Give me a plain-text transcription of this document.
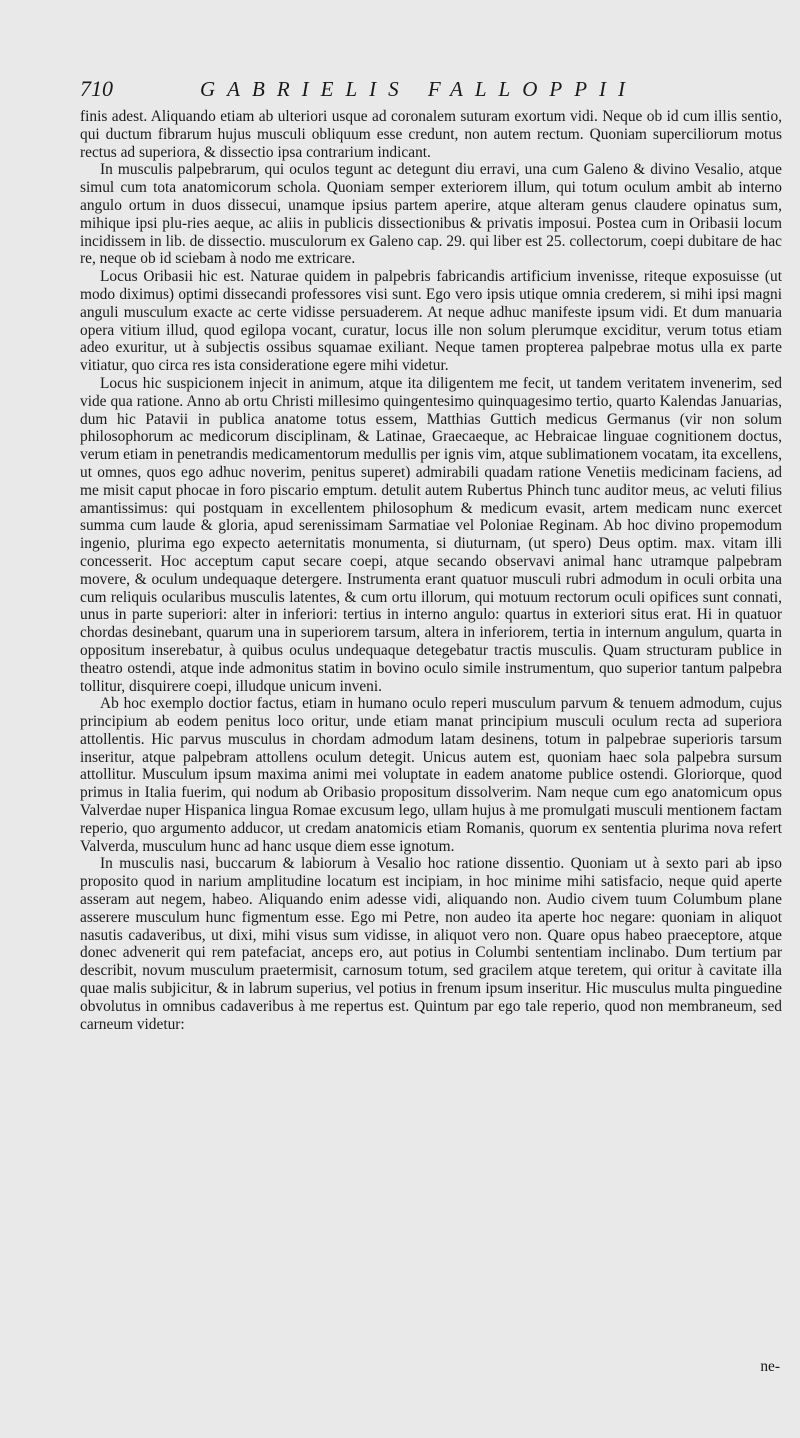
710	GABRIELIS FALLOPPII

finis adest. Aliquando etiam ab ulteriori usque ad coronalem suturam exortum vidi. Neque ob id cum illis sentio, qui ductum fibrarum hujus musculi obliquum esse credunt, non autem rectum. Quoniam superciliorum motus rectus ad superiora, & dissectio ipsa contrarium indicant.

In musculis palpebrarum, qui oculos tegunt ac detegunt diu erravi, una cum Galeno & divino Vesalio, atque simul cum tota anatomicorum schola. Quoniam semper exteriorem illum, qui totum oculum ambit ab interno angulo ortum in duos dissecui, unamque ipsius partem aperire, atque alteram genus claudere opinatus sum, mihique ipsi plu-ries aeque, ac aliis in publicis dissectionibus & privatis imposui. Postea cum in Oribasii locum incidissem in lib. de dissectio. musculorum ex Galeno cap. 29. qui liber est 25. collectorum, coepi dubitare de hac re, neque ob id sciebam à nodo me extricare.

Locus Oribasii hic est. Naturae quidem in palpebris fabricandis artificium invenisse, riteque exposuisse (ut modo diximus) optimi dissecandi professores visi sunt. Ego vero ipsis utique omnia crederem, si mihi ipsi magni anguli musculum exacte ac certe vidisse persuaderem. At neque adhuc manifeste ipsum vidi. Et dum manuaria opera vitium illud, quod egilopa vocant, curatur, locus ille non solum plerumque exciditur, verum totus etiam adeo exuritur, ut à subjectis ossibus squamae exiliant. Neque tamen propterea palpebrae motus ulla ex parte vitiatur, quo circa res ista consideratione egere mihi videtur.

Locus hic suspicionem injecit in animum, atque ita diligentem me fecit, ut tandem veritatem invenerim, sed vide qua ratione. Anno ab ortu Christi millesimo quingentesimo quinquagesimo tertio, quarto Kalendas Januarias, dum hic Patavii in publica anatome totus essem, Matthias Guttich medicus Germanus (vir non solum philosophorum ac medicorum disciplinam, & Latinae, Graecaeque, ac Hebraicae linguae cognitionem doctus, verum etiam in penetrandis medicamentorum medullis per ignis vim, atque sublimationem vocatam, ita excellens, ut omnes, quos ego adhuc noverim, penitus superet) admirabili quadam ratione Venetiis medicinam faciens, ad me misit caput phocae in foro piscario emptum. detulit autem Rubertus Phinch tunc auditor meus, ac veluti filius amantissimus: qui postquam in excellentem philosophum & medicum evasit, artem medicam nunc exercet summa cum laude & gloria, apud serenissimam Sarmatiae vel Poloniae Reginam. Ab hoc divino propemodum ingenio, plurima ego expecto aeternitatis monumenta, si diuturnam, (ut spero) Deus optim. max. vitam illi concesserit. Hoc acceptum caput secare coepi, atque secando observavi animal hanc utramque palpebram movere, & oculum undequaque detergere. Instrumenta erant quatuor musculi rubri admodum in oculi orbita una cum reliquis ocularibus musculis latentes, & cum ortu illorum, qui motuum rectorum oculi opifices sunt connati, unus in parte superiori: alter in inferiori: tertius in interno angulo: quartus in exteriori situs erat. Hi in quatuor chordas desinebant, quarum una in superiorem tarsum, altera in inferiorem, tertia in internum angulum, quarta in oppositum inserebatur, à quibus oculus undequaque detegebatur tractis musculis. Quam structuram publice in theatro ostendi, atque inde admonitus statim in bovino oculo simile instrumentum, quo superior tantum palpebra tollitur, disquirere coepi, illudque unicum inveni.

Ab hoc exemplo doctior factus, etiam in humano oculo reperi musculum parvum & tenuem admodum, cujus principium ab eodem penitus loco oritur, unde etiam manat principium musculi oculum recta ad superiora attollentis. Hic parvus musculus in chordam admodum latam desinens, totum in palpebrae superioris tarsum inseritur, atque palpebram attollens oculum detegit. Unicus autem est, quoniam haec sola palpebra sursum attollitur. Musculum ipsum maxima animi mei voluptate in eadem anatome publice ostendi. Gloriorque, quod primus in Italia fuerim, qui nodum ab Oribasio propositum dissolverim. Nam neque cum ego anatomicum opus Valverdae nuper Hispanica lingua Romae excusum lego, ullam hujus à me promulgati musculi mentionem factam reperio, quo argumento adducor, ut credam anatomicis etiam Romanis, quorum ex sententia plurima nova refert Valverda, musculum hunc ad hanc usque diem esse ignotum.

In musculis nasi, buccarum & labiorum à Vesalio hoc ratione dissentio. Quoniam ut à sexto pari ab ipso proposito quod in narium amplitudine locatum est incipiam, in hoc minime mihi satisfacio, neque quid aperte asseram aut negem, habeo. Aliquando enim adesse vidi, aliquando non. Audio civem tuum Columbum plane asserere musculum hunc figmentum esse. Ego mi Petre, non audeo ita aperte hoc negare: quoniam in aliquot nasutis cadaveribus, ut dixi, mihi visus sum vidisse, in aliquot vero non. Quare opus habeo praeceptore, atque donec advenerit qui rem patefaciat, anceps ero, aut potius in Columbi sententiam inclinabo. Dum tertium par describit, novum musculum praetermisit, carnosum totum, sed gracilem atque teretem, qui oritur à cavitate illa quae malis subjicitur, & in labrum superius, vel potius in frenum ipsum inseritur. Hic musculus multa pinguedine obvolutus in omnibus cadaveribus à me repertus est. Quintum par ego tale reperio, quod non membraneum, sed carneum videtur:

ne-
